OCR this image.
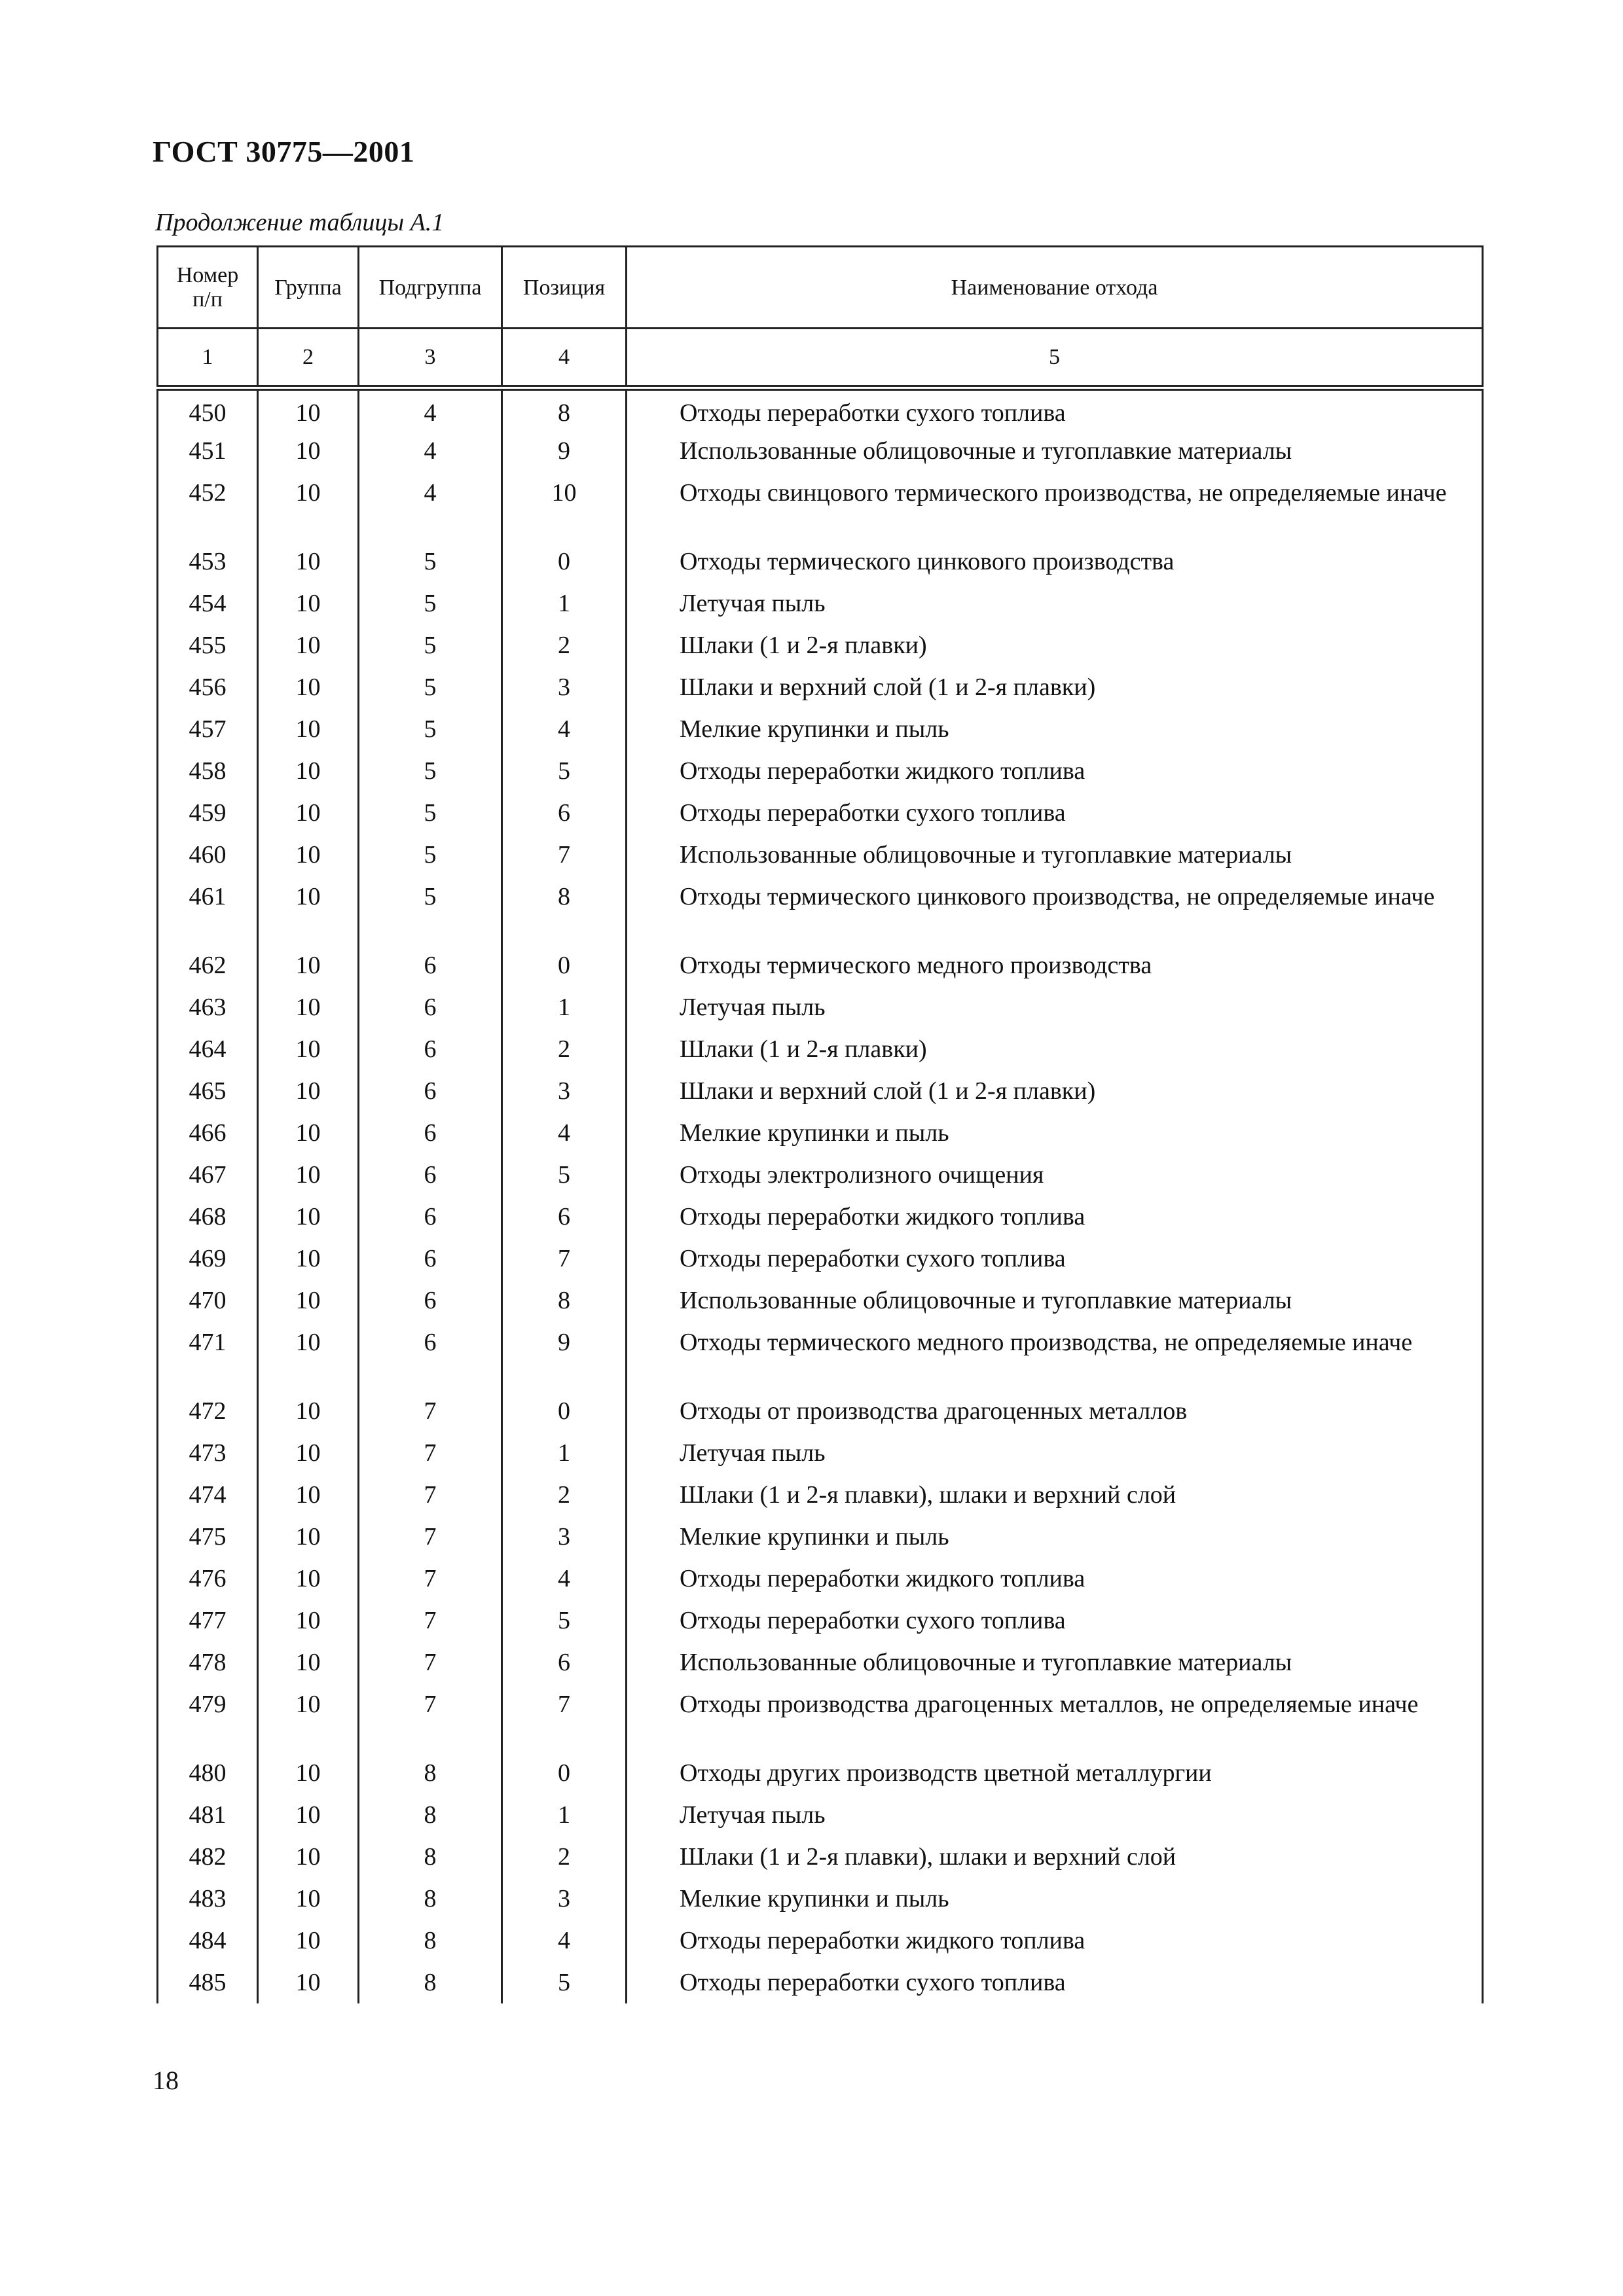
ГОСТ 30775—2001
Продолжение таблицы А.1
Номер п/п	Группа	Подгруппа	Позиция	Наименование отхода
1	2	3	4	5
450	10	4	8	Отходы переработки сухого топлива

451	10	4	9	Использованные облицовочные и тугоплавкие материалы

452	10	4	10	Отходы свинцового термического производства, не определяемые иначе

453	10	5	0	Отходы термического цинкового производства

454	10	5	1	Летучая пыль

455	10	5	2	Шлаки (1 и 2-я плавки)

456	10	5	3	Шлаки и верхний слой (1 и 2-я плавки)

457	10	5	4	Мелкие крупинки и пыль

458	10	5	5	Отходы переработки жидкого топлива

459	10	5	6	Отходы переработки сухого топлива

460	10	5	7	Использованные облицовочные и тугоплавкие материалы

461	10	5	8	Отходы термического цинкового производства, не определяемые иначе

462	10	6	0	Отходы термического медного производства

463	10	6	1	Летучая пыль

464	10	6	2	Шлаки (1 и 2-я плавки)

465	10	6	3	Шлаки и верхний слой (1 и 2-я плавки)

466	10	6	4	Мелкие крупинки и пыль

467	10	6	5	Отходы электролизного очищения

468	10	6	6	Отходы переработки жидкого топлива

469	10	6	7	Отходы переработки сухого топлива

470	10	6	8	Использованные облицовочные и тугоплавкие материалы

471	10	6	9	Отходы термического медного производства, не определяемые иначе

472	10	7	0	Отходы от производства драгоценных металлов

473	10	7	1	Летучая пыль

474	10	7	2	Шлаки (1 и 2-я плавки), шлаки и верхний слой

475	10	7	3	Мелкие крупинки и пыль

476	10	7	4	Отходы переработки жидкого топлива

477	10	7	5	Отходы переработки сухого топлива

478	10	7	6	Использованные облицовочные и тугоплавкие материалы

479	10	7	7	Отходы производства драгоценных металлов, не определяемые иначе

480	10	8	0	Отходы других производств цветной металлургии

481	10	8	1	Летучая пыль

482	10	8	2	Шлаки (1 и 2-я плавки), шлаки и верхний слой

483	10	8	3	Мелкие крупинки и пыль

484	10	8	4	Отходы переработки жидкого топлива

485	10	8	5	Отходы переработки сухого топлива
18
